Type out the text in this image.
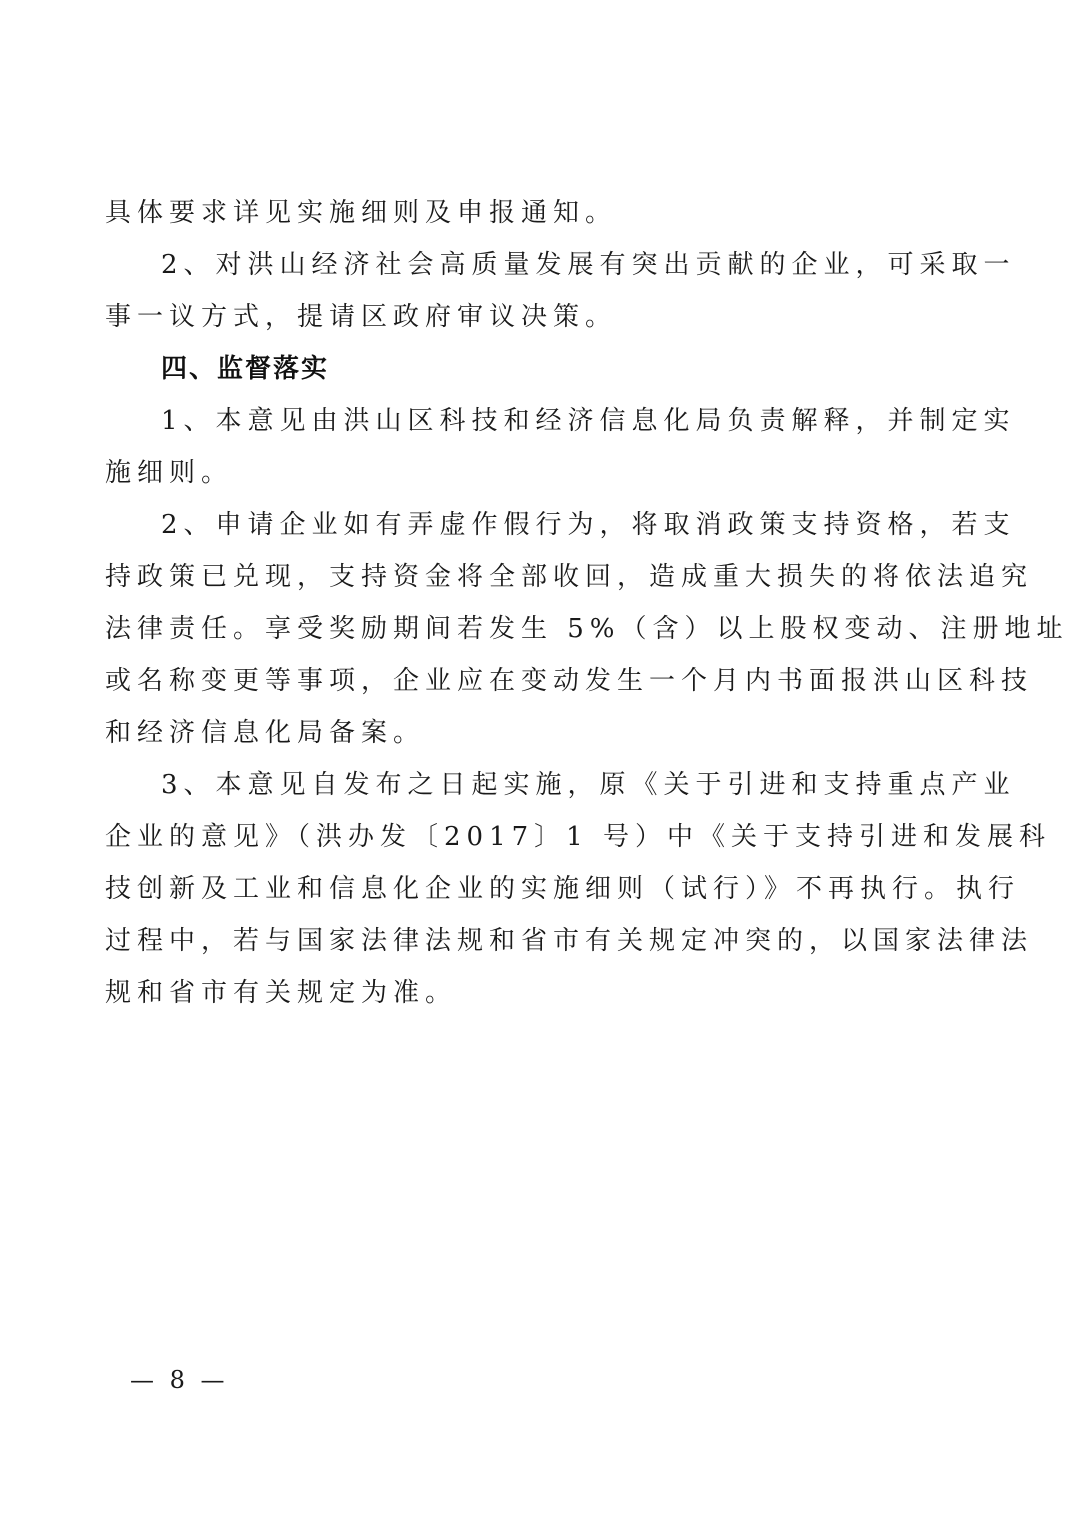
具体要求详见实施细则及申报通知。
2、对洪山经济社会高质量发展有突出贡献的企业，可采取一
事一议方式，提请区政府审议决策。
四、监督落实
1、本意见由洪山区科技和经济信息化局负责解释，并制定实
施细则。
2、申请企业如有弄虚作假行为，将取消政策支持资格，若支
持政策已兑现，支持资金将全部收回，造成重大损失的将依法追究
法律责任。享受奖励期间若发生 5%（含）以上股权变动、注册地址
或名称变更等事项，企业应在变动发生一个月内书面报洪山区科技
和经济信息化局备案。
3、本意见自发布之日起实施，原《关于引进和支持重点产业
企业的意见》（洪办发〔2017〕1 号）中《关于支持引进和发展科
技创新及工业和信息化企业的实施细则（试行）》不再执行。执行
过程中，若与国家法律法规和省市有关规定冲突的，以国家法律法
规和省市有关规定为准。
— 8 —
